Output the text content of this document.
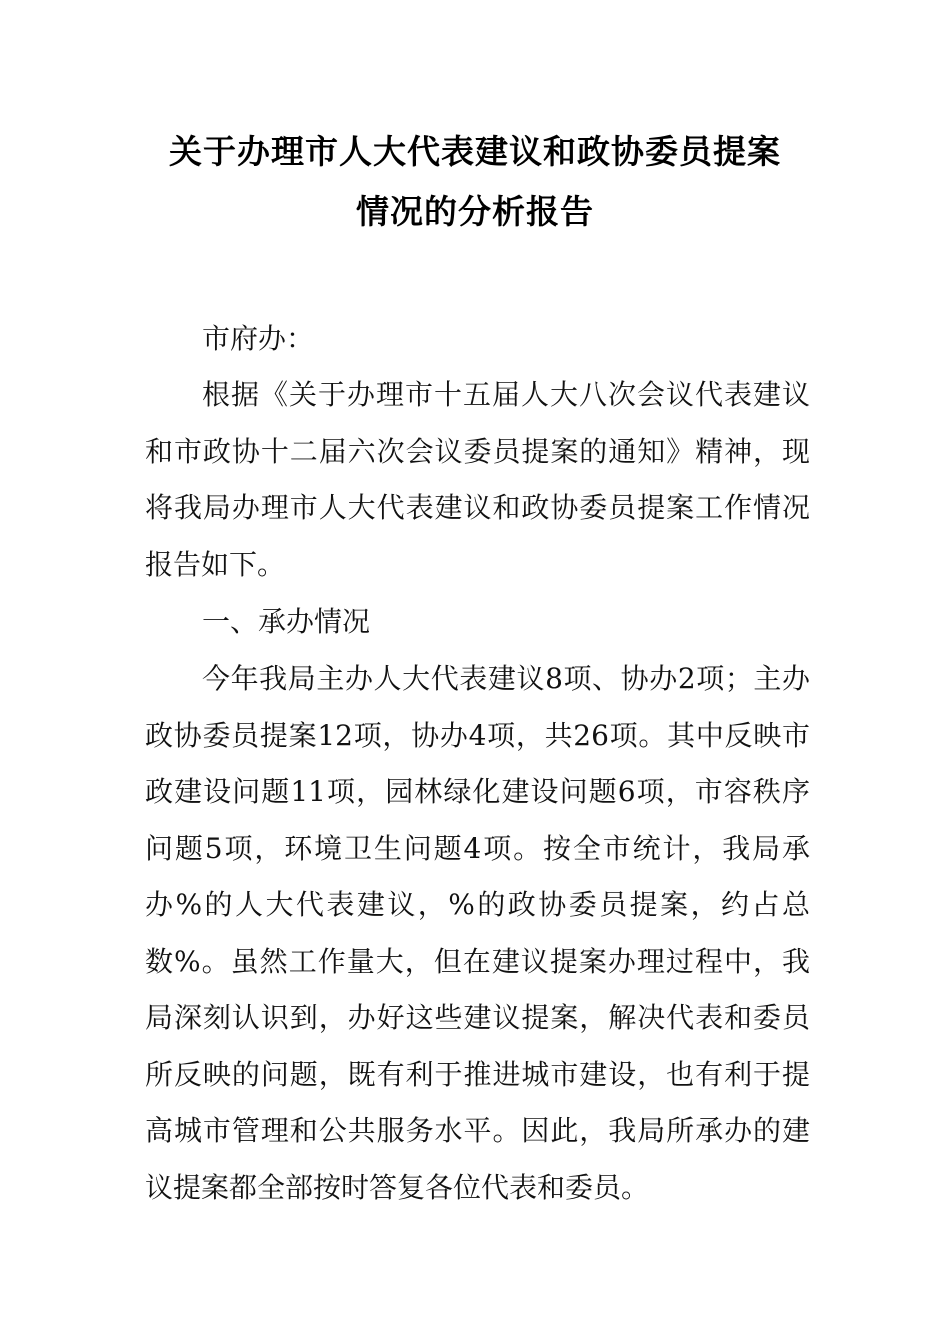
关于办理市人大代表建议和政协委员提案
情况的分析报告
市府办：
根据《关于办理市十五届人大八次会议代表建议和市政协十二届六次会议委员提案的通知》精神，现将我局办理市人大代表建议和政协委员提案工作情况报告如下。
一、承办情况
今年我局主办人大代表建议8项、协办2项；主办政协委员提案12项，协办4项，共26项。其中反映市政建设问题11项，园林绿化建设问题6项，市容秩序问题5项，环境卫生问题4项。按全市统计，我局承办%的人大代表建议，%的政协委员提案，约占总数%。虽然工作量大，但在建议提案办理过程中，我局深刻认识到，办好这些建议提案，解决代表和委员所反映的问题，既有利于推进城市建设，也有利于提高城市管理和公共服务水平。因此，我局所承办的建议提案都全部按时答复各位代表和委员。
